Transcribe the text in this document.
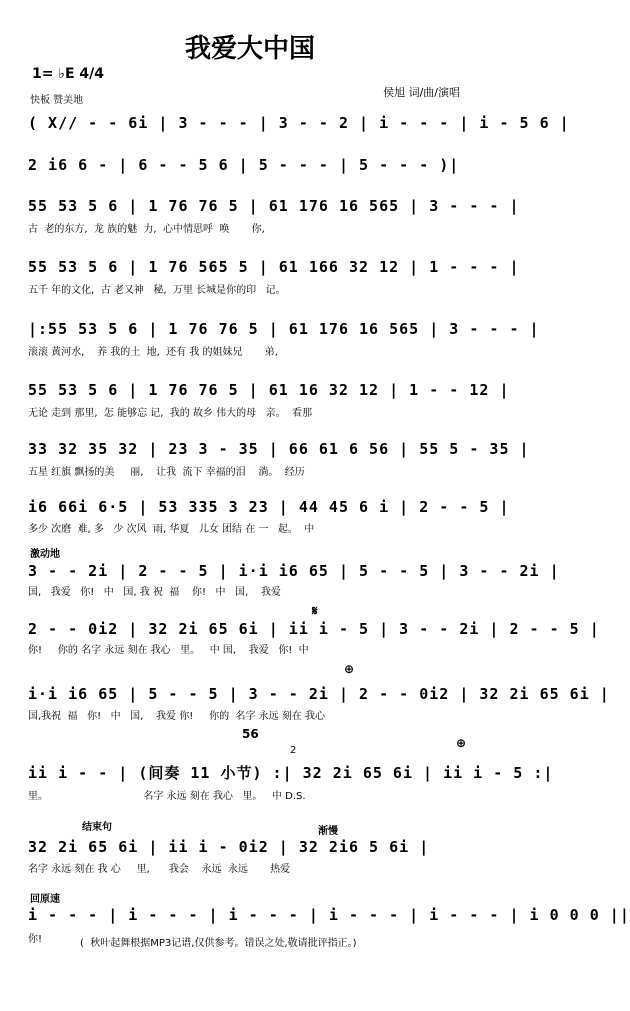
我爱大中国
1= ♭E 4/4
快板 赞美地
侯旭 词/曲/演唱
( X// - - 6i | 3 - - - | 3 - - 2 | i - - - | i - 5 6 |
2 i6 6 - | 6 - - 5 6 | 5 - - - | 5 - - - )|
55 53 5 6 | 1 76 76 5 | 61 176 16 565 | 3 - - - |
古  老的东方,  龙 族的魅  力,  心中情思呼  唤       你,
55 53 5 6 | 1 76 565 5 | 61 166 32 12 | 1 - - - |
五千 年的文化,  古 老又神   秘,  万里 长城是你的印   记。
|:55 53 5 6 | 1 76 76 5 | 61 176 16 565 | 3 - - - |
滚滚 黄河水,    养 我的土  地,  还有 我 的姐妹兄       弟,
55 53 5 6 | 1 76 76 5 | 61 16 32 12 | 1 - - 12 |
无论 走到 那里,  怎 能够忘 记,  我的 故乡 伟大的母   亲。  看那
33 32 35 32 | 23 3 - 35 | 66 61 6 56 | 55 5 - 35 |
五星 红旗 飘扬的美     丽,    让我  流下 幸福的泪    淌。  经历
i6 66i 6·5 | 53 335 3 23 | 44 45 6 i | 2 - - 5 |
多少 次磨  难, 多   少 次风  雨, 华夏   儿女 团结 在 一   起。  中
激动地
3 - - 2i | 2 - - 5 | i·i i6 65 | 5 - - 5 | 3 - - 2i |
国,   我爱   你!   中   国, 我 祝  福    你!   中   国,    我爱
𝄋
2 - - 0i2 | 32 2i 65 6i | ii i - 5 | 3 - - 2i | 2 - - 5 |
你!     你的 名字 永远 刻在 我心   里。   中 国,    我爱   你!  中
⊕
i·i i6 65 | 5 - - 5 | 3 - - 2i | 2 - - 0i2 | 32 2i 65 6i |
国,我祝  福   你!   中   国,    我爱 你!     你的  名字 永远 刻在 我心
56
2
⊕
ii i - - | (间奏 11 小节) :| 32 2i 65 6i | ii i - 5 :|
里。                              名字 永远 刻在 我心   里。   中 D.S.
结束句	渐慢
32 2i 65 6i | ii i - 0i2 | 32 2i6 5 6i |
名字 永远 刻在 我 心     里,      我会    永远  永远       热爱
回原速
i - - - | i - - - | i - - - | i - - - | i - - - | i 0 0 0 ||
你!	(  秋叶起舞根据MP3记谱,仅供参考。错误之处,敬请批评指正。)
